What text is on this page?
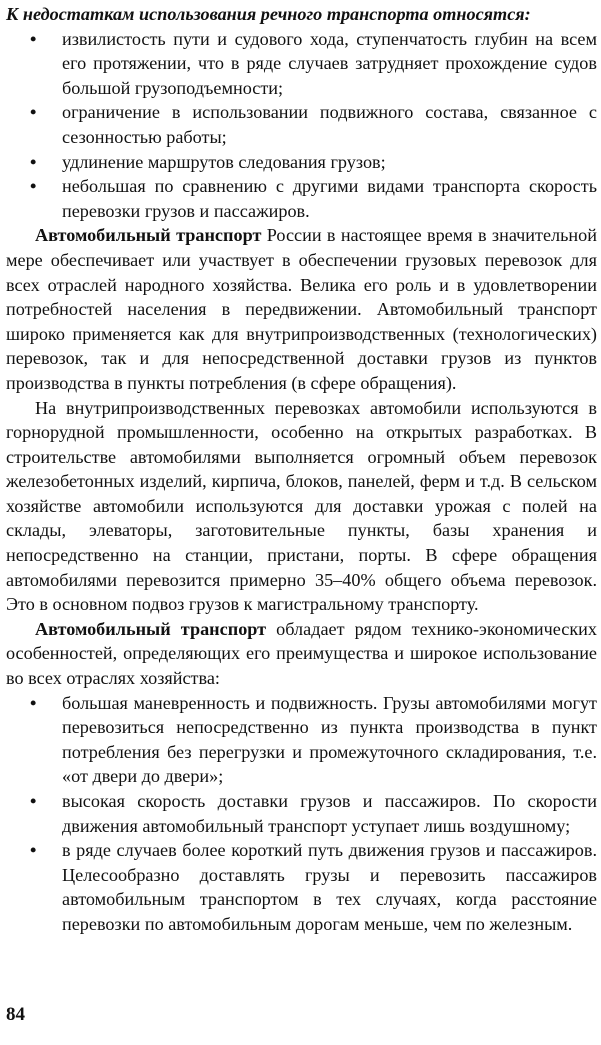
К недостаткам использования речного транспорта относятся:
• извилистость пути и судового хода, ступенчатость глубин на всем его протяжении, что в ряде случаев затрудняет прохождение судов большой грузоподъемности;
• ограничение в использовании подвижного состава, связанное с сезонностью работы;
• удлинение маршрутов следования грузов;
• небольшая по сравнению с другими видами транспорта скорость перевозки грузов и пассажиров.

Автомобильный транспорт России в настоящее время в значительной мере обеспечивает или участвует в обеспечении грузовых перевозок для всех отраслей народного хозяйства. Велика его роль и в удовлетворении потребностей населения в передвижении. Автомобильный транспорт широко применяется как для внутрипроизводственных (технологических) перевозок, так и для непосредственной доставки грузов из пунктов производства в пункты потребления (в сфере обращения).

На внутрипроизводственных перевозках автомобили используются в горнорудной промышленности, особенно на открытых разработках. В строительстве автомобилями выполняется огромный объем перевозок железобетонных изделий, кирпича, блоков, панелей, ферм и т.д. В сельском хозяйстве автомобили используются для доставки урожая с полей на склады, элеваторы, заготовительные пункты, базы хранения и непосредственно на станции, пристани, порты. В сфере обращения автомобилями перевозится примерно 35–40% общего объема перевозок. Это в основном подвоз грузов к магистральному транспорту.

Автомобильный транспорт обладает рядом технико-экономических особенностей, определяющих его преимущества и широкое использование во всех отраслях хозяйства:

• большая маневренность и подвижность. Грузы автомобилями могут перевозиться непосредственно из пункта производства в пункт потребления без перегрузки и промежуточного складирования, т.е. «от двери до двери»;
• высокая скорость доставки грузов и пассажиров. По скорости движения автомобильный транспорт уступает лишь воздушному;
• в ряде случаев более короткий путь движения грузов и пассажиров. Целесообразно доставлять грузы и перевозить пассажиров автомобильным транспортом в тех случаях, когда расстояние перевозки по автомобильным дорогам меньше, чем по железным.
84
